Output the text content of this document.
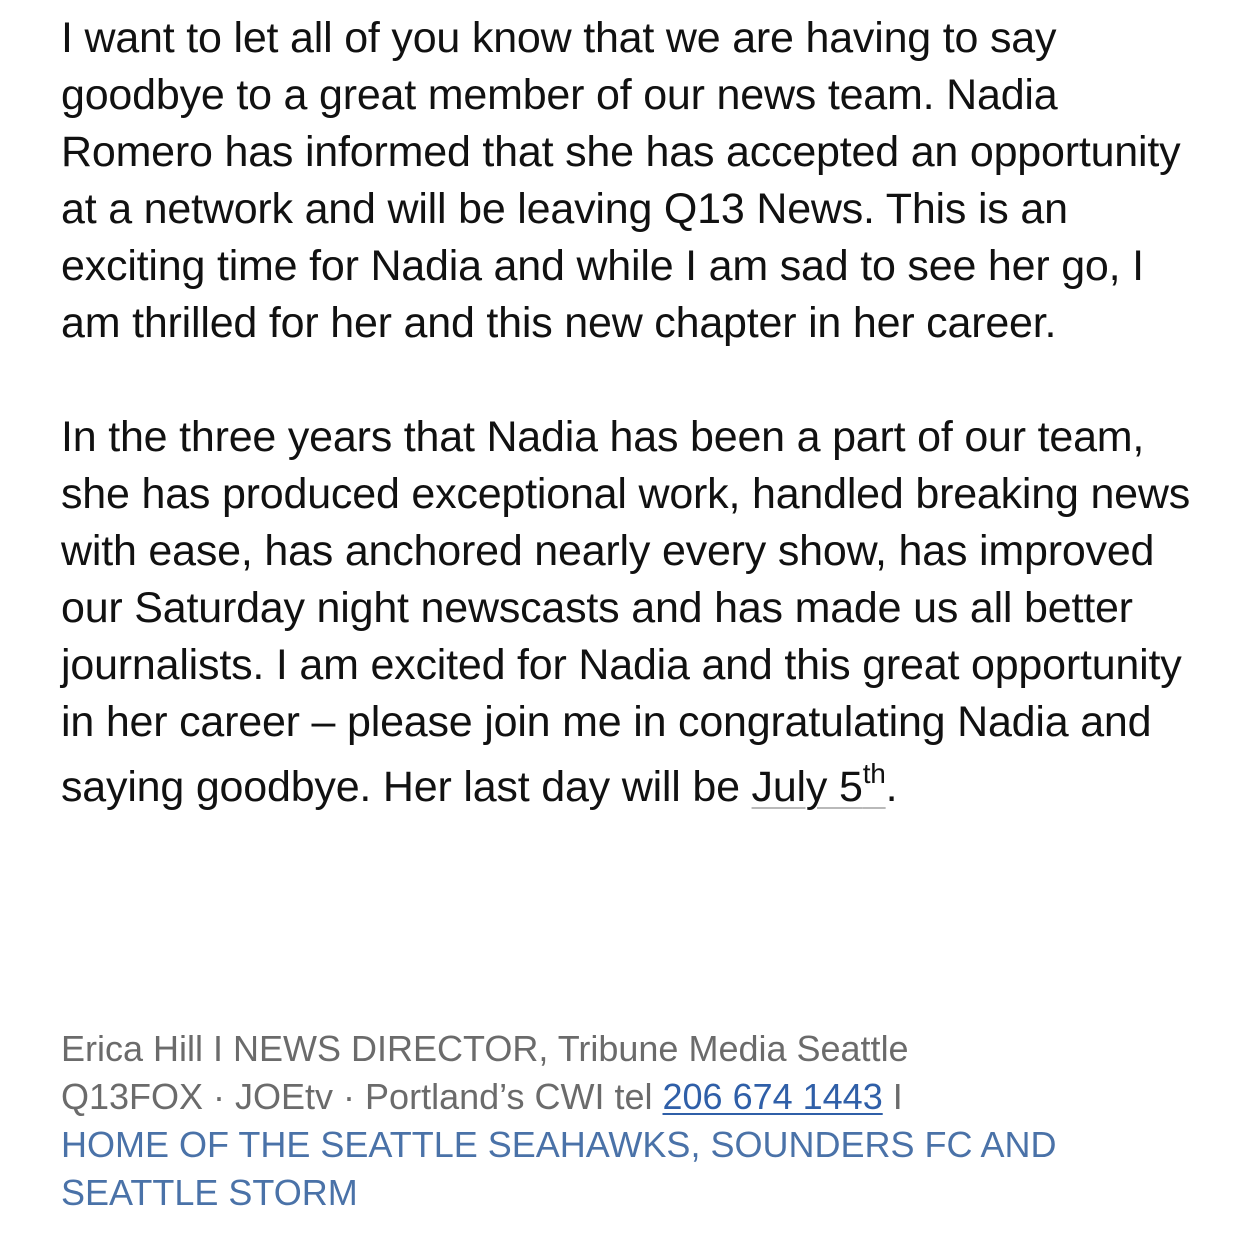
I want to let all of you know that we are having to say goodbye to a great member of our news team. Nadia Romero has informed that she has accepted an opportunity at a network and will be leaving Q13 News. This is an exciting time for Nadia and while I am sad to see her go, I am thrilled for her and this new chapter in her career.

In the three years that Nadia has been a part of our team, she has produced exceptional work, handled breaking news with ease, has anchored nearly every show, has improved our Saturday night newscasts and has made us all better journalists. I am excited for Nadia and this great opportunity in her career – please join me in congratulating Nadia and saying goodbye. Her last day will be July 5th.

Erica Hill I NEWS DIRECTOR, Tribune Media Seattle
Q13FOX · JOEtv · Portland’s CWI tel 206 674 1443 I
HOME OF THE SEATTLE SEAHAWKS, SOUNDERS FC AND SEATTLE STORM
